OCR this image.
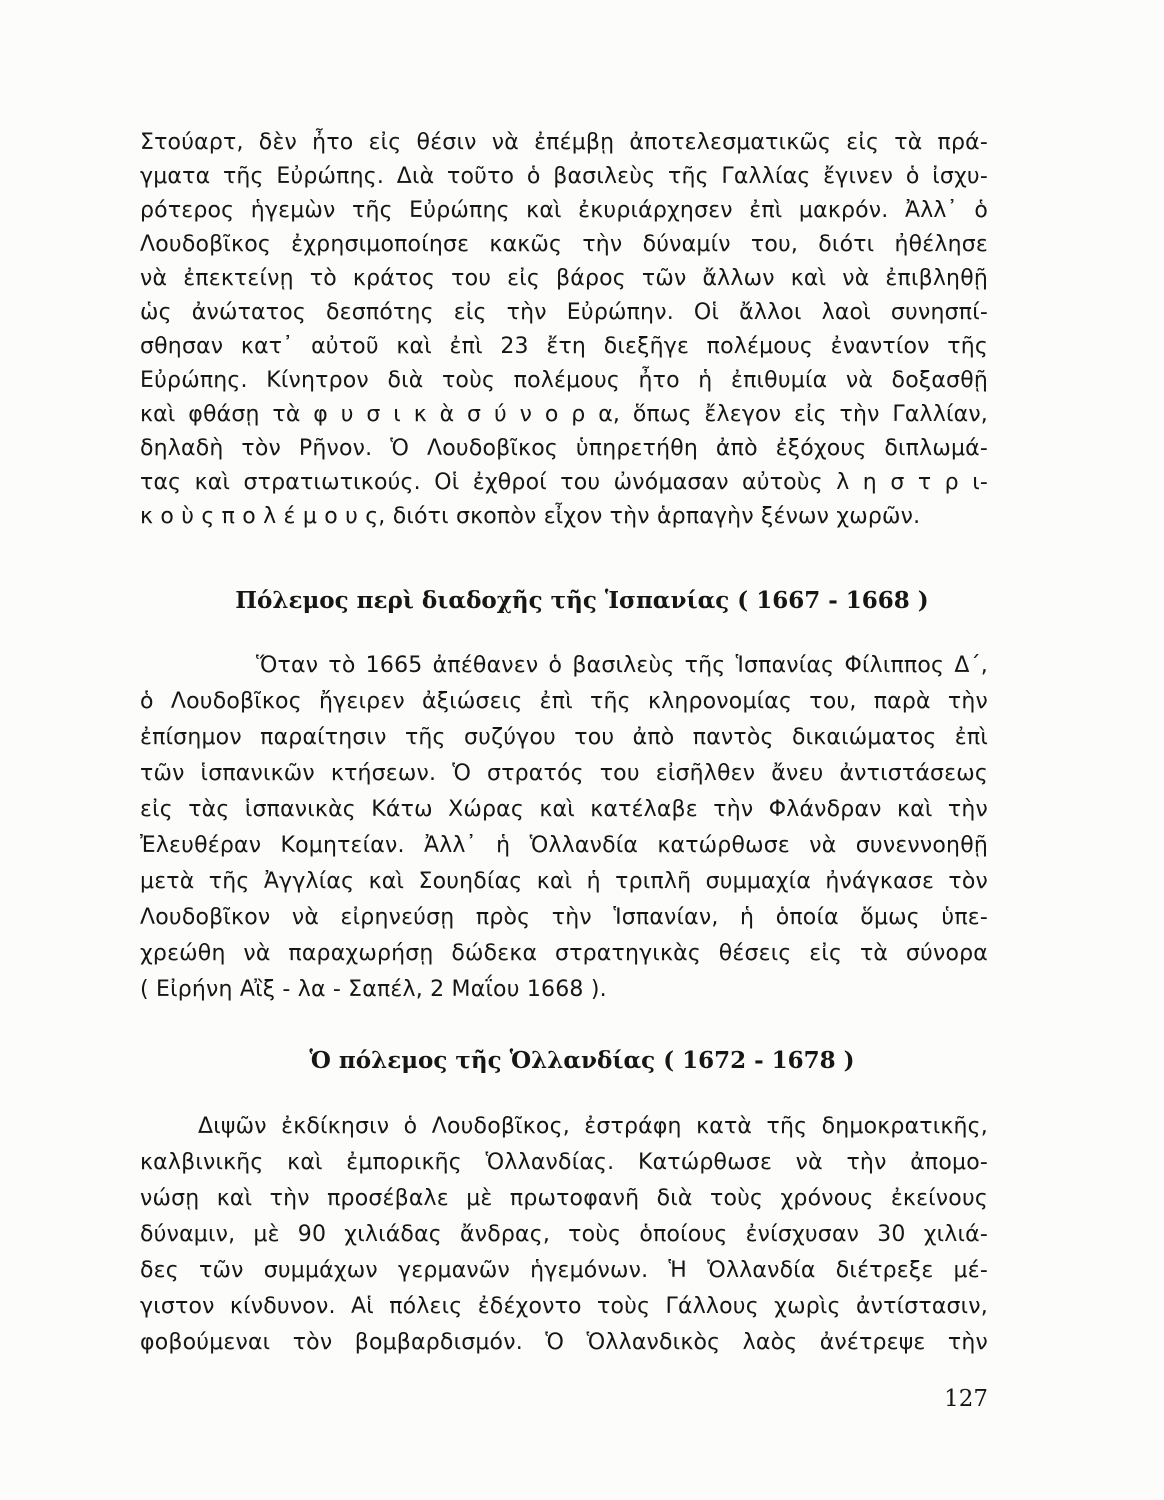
Στούαρτ, δὲν ἦτο εἰς θέσιν νὰ ἐπέμβῃ ἀποτελεσματικῶς εἰς τὰ πρά-
γματα τῆς Εὐρώπης. Διὰ τοῦτο ὁ βασιλεὺς τῆς Γαλλίας ἔγινεν ὁ ἰσχυ-
ρότερος ἡγεμὼν τῆς Εὐρώπης καὶ ἐκυριάρχησεν ἐπὶ μακρόν. Ἀλλ᾽ ὁ
Λουδοβῖκος ἐχρησιμοποίησε κακῶς τὴν δύναμίν του, διότι ἠθέλησε
νὰ ἐπεκτείνῃ τὸ κράτος του εἰς βάρος τῶν ἄλλων καὶ νὰ ἐπιβληθῇ
ὡς ἀνώτατος δεσπότης εἰς τὴν Εὐρώπην. Οἱ ἄλλοι λαοὶ συνησπί-
σθησαν κατ᾽ αὐτοῦ καὶ ἐπὶ 23 ἔτη διεξῆγε πολέμους ἐναντίον τῆς
Εὐρώπης. Κίνητρον διὰ τοὺς πολέμους ἦτο ἡ ἐπιθυμία νὰ δοξασθῇ
καὶ φθάσῃ τὰ φ υ σ ι κ ὰ σ ύ ν ο ρ α, ὅπως ἔλεγον εἰς τὴν Γαλλίαν,
δηλαδὴ τὸν Ρῆνον. Ὁ Λουδοβῖκος ὑπηρετήθη ἀπὸ ἐξόχους διπλωμά-
τας καὶ στρατιωτικούς. Οἱ ἐχθροί του ὠνόμασαν αὐτοὺς λ η σ τ ρ ι-
κ ο ὺ ς π ο λ έ μ ο υ ς, διότι σκοπὸν εἶχον τὴν ἁρπαγὴν ξένων χωρῶν.
Πόλεμος περὶ διαδοχῆς τῆς Ἱσπανίας ( 1667 - 1668 )
Ὅταν τὸ 1665 ἀπέθανεν ὁ βασιλεὺς τῆς Ἱσπανίας Φίλιππος Δ΄,
ὁ Λουδοβῖκος ἤγειρεν ἀξιώσεις ἐπὶ τῆς κληρονομίας του, παρὰ τὴν
ἐπίσημον παραίτησιν τῆς συζύγου του ἀπὸ παντὸς δικαιώματος ἐπὶ
τῶν ἱσπανικῶν κτήσεων. Ὁ στρατός του εἰσῆλθεν ἄνευ ἀντιστάσεως
εἰς τὰς ἱσπανικὰς Κάτω Χώρας καὶ κατέλαβε τὴν Φλάνδραν καὶ τὴν
Ἐλευθέραν Κομητείαν. Ἀλλ᾽ ἡ Ὁλλανδία κατώρθωσε νὰ συνεννοηθῇ
μετὰ τῆς Ἀγγλίας καὶ Σουηδίας καὶ ἡ τριπλῆ συμμαχία ἠνάγκασε τὸν
Λουδοβῖκον νὰ εἰρηνεύσῃ πρὸς τὴν Ἱσπανίαν, ἡ ὁποία ὅμως ὑπε-
χρεώθη νὰ παραχωρήσῃ δώδεκα στρατηγικὰς θέσεις εἰς τὰ σύνορα
( Εἰρήνη Αἲξ - λα - Σαπέλ, 2 Μαΐου 1668 ).
Ὁ πόλεμος τῆς Ὁλλανδίας ( 1672 - 1678 )
Διψῶν ἐκδίκησιν ὁ Λουδοβῖκος, ἐστράφη κατὰ τῆς δημοκρατικῆς,
καλβινικῆς καὶ ἐμπορικῆς Ὁλλανδίας. Κατώρθωσε νὰ τὴν ἀπομο-
νώσῃ καὶ τὴν προσέβαλε μὲ πρωτοφανῆ διὰ τοὺς χρόνους ἐκείνους
δύναμιν, μὲ 90 χιλιάδας ἄνδρας, τοὺς ὁποίους ἐνίσχυσαν 30 χιλιά-
δες τῶν συμμάχων γερμανῶν ἡγεμόνων. Ἡ Ὁλλανδία διέτρεξε μέ-
γιστον κίνδυνον. Αἱ πόλεις ἐδέχοντο τοὺς Γάλλους χωρὶς ἀντίστασιν,
φοβούμεναι τὸν βομβαρδισμόν. Ὁ Ὁλλανδικὸς λαὸς ἀνέτρεψε τὴν
127
